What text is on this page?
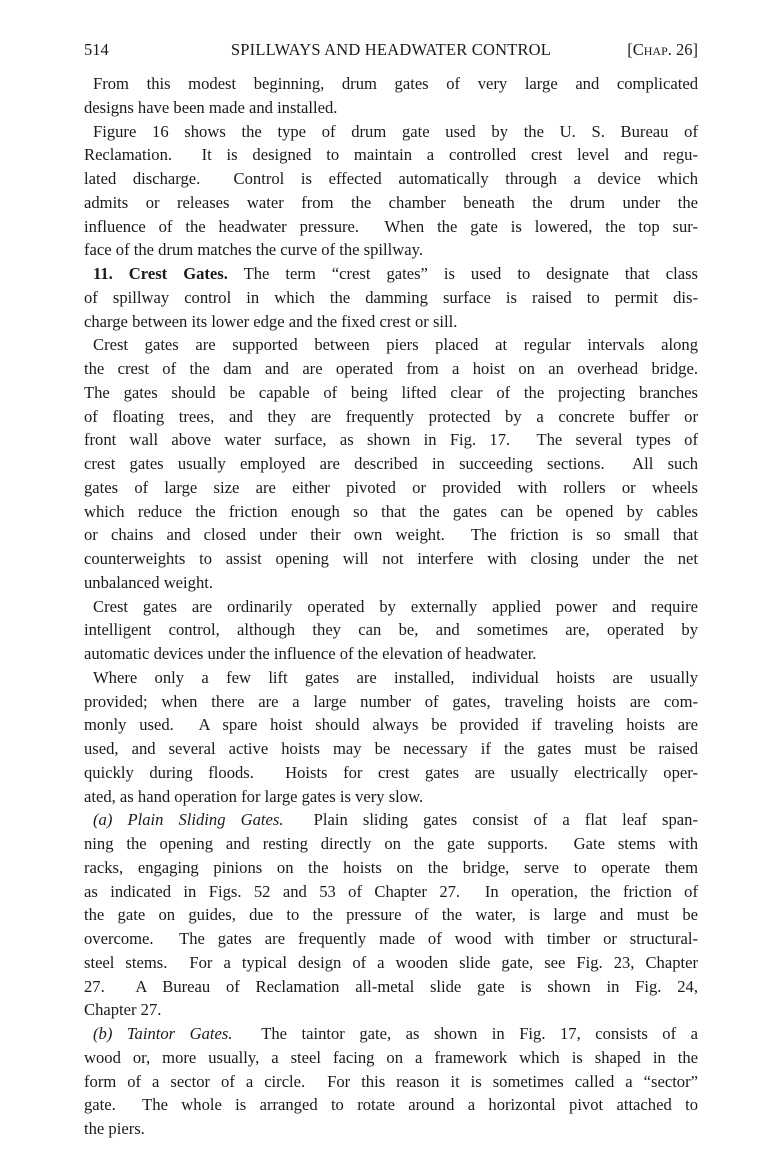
514	SPILLWAYS AND HEADWATER CONTROL	[Chap. 26]
From this modest beginning, drum gates of very large and complicated
designs have been made and installed.
Figure 16 shows the type of drum gate used by the U. S. Bureau of
Reclamation.  It is designed to maintain a controlled crest level and regu-
lated discharge.  Control is effected automatically through a device which
admits or releases water from the chamber beneath the drum under the
influence of the headwater pressure.  When the gate is lowered, the top sur-
face of the drum matches the curve of the spillway.
11. Crest Gates. The term “crest gates” is used to designate that class
of spillway control in which the damming surface is raised to permit dis-
charge between its lower edge and the fixed crest or sill.
Crest gates are supported between piers placed at regular intervals along
the crest of the dam and are operated from a hoist on an overhead bridge.
The gates should be capable of being lifted clear of the projecting branches
of floating trees, and they are frequently protected by a concrete buffer or
front wall above water surface, as shown in Fig. 17.  The several types of
crest gates usually employed are described in succeeding sections.  All such
gates of large size are either pivoted or provided with rollers or wheels
which reduce the friction enough so that the gates can be opened by cables
or chains and closed under their own weight.  The friction is so small that
counterweights to assist opening will not interfere with closing under the net
unbalanced weight.
Crest gates are ordinarily operated by externally applied power and require
intelligent control, although they can be, and sometimes are, operated by
automatic devices under the influence of the elevation of headwater.
Where only a few lift gates are installed, individual hoists are usually
provided; when there are a large number of gates, traveling hoists are com-
monly used.  A spare hoist should always be provided if traveling hoists are
used, and several active hoists may be necessary if the gates must be raised
quickly during floods.  Hoists for crest gates are usually electrically oper-
ated, as hand operation for large gates is very slow.
(a) Plain Sliding Gates.  Plain sliding gates consist of a flat leaf span-
ning the opening and resting directly on the gate supports.  Gate stems with
racks, engaging pinions on the hoists on the bridge, serve to operate them
as indicated in Figs. 52 and 53 of Chapter 27.  In operation, the friction of
the gate on guides, due to the pressure of the water, is large and must be
overcome.  The gates are frequently made of wood with timber or structural-
steel stems.  For a typical design of a wooden slide gate, see Fig. 23, Chapter
27.  A Bureau of Reclamation all-metal slide gate is shown in Fig. 24,
Chapter 27.
(b) Taintor Gates.  The taintor gate, as shown in Fig. 17, consists of a
wood or, more usually, a steel facing on a framework which is shaped in the
form of a sector of a circle.  For this reason it is sometimes called a “sector”
gate.  The whole is arranged to rotate around a horizontal pivot attached to
the piers.
